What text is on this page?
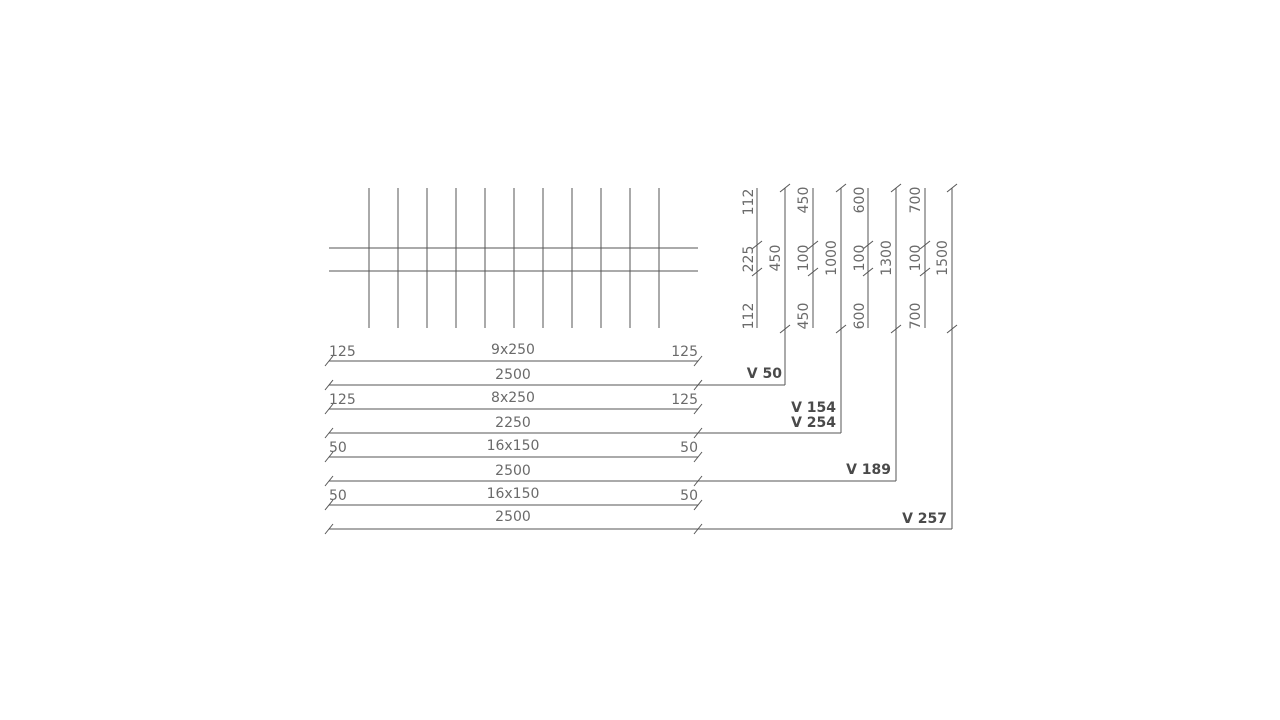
125	9x250	125
2500	V 50
125	8x250	125
2250
V 154
V 254
50	16x150	50
2500	V 189
50	16x150	50
2500	V 257
112
225
112
450
450
100
450
1000
600
100
600
1300
700
100
700
1500
